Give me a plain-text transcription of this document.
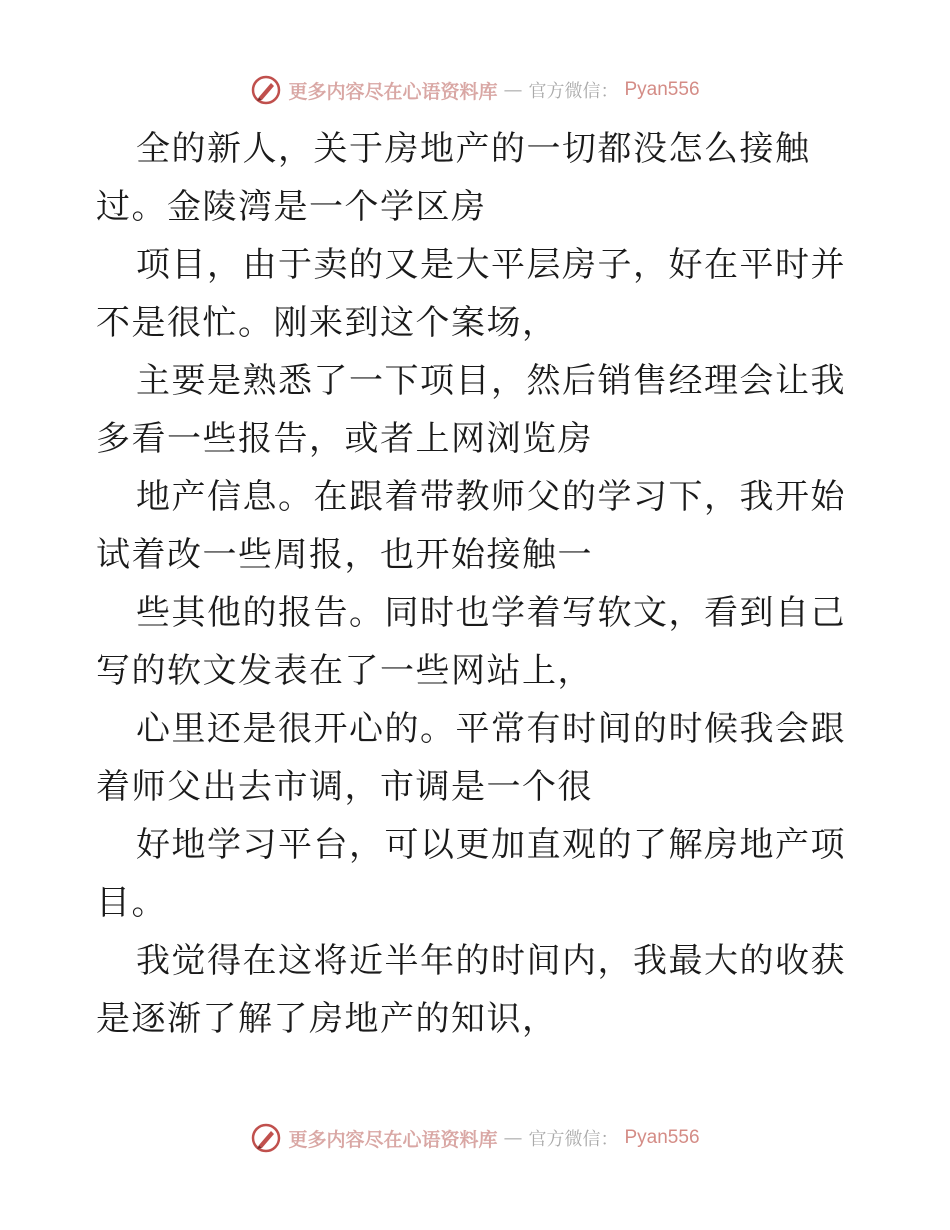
更多内容尽在心语资料库 — 官方微信： Pyan556

全的新人，关于房地产的一切都没怎么接触过。金陵湾是一个学区房

项目，由于卖的又是大平层房子，好在平时并不是很忙。刚来到这个案场，

主要是熟悉了一下项目，然后销售经理会让我多看一些报告，或者上网浏览房

地产信息。在跟着带教师父的学习下，我开始试着改一些周报，也开始接触一

些其他的报告。同时也学着写软文，看到自己写的软文发表在了一些网站上，

心里还是很开心的。平常有时间的时候我会跟着师父出去市调，市调是一个很

好地学习平台，可以更加直观的了解房地产项目。

我觉得在这将近半年的时间内，我最大的收获是逐渐了解了房地产的知识，

更多内容尽在心语资料库 — 官方微信： Pyan556
